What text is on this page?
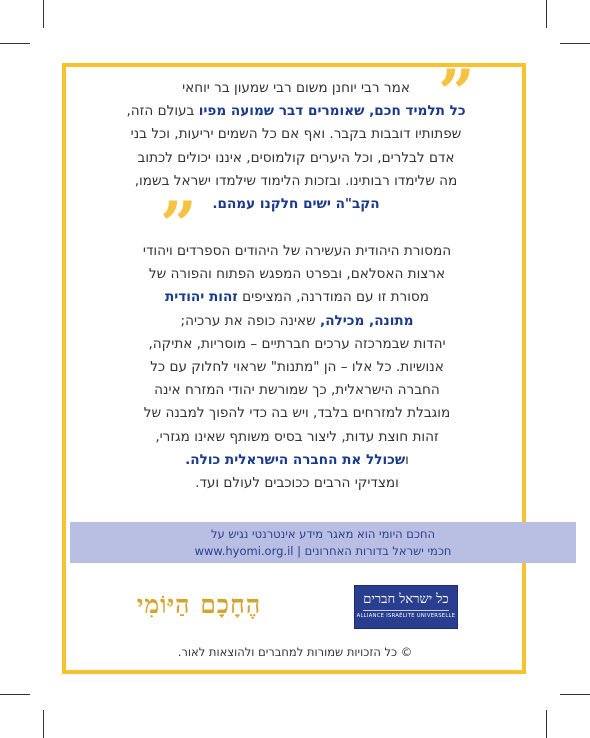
”
”
אמר רבי יוחנן משום רבי שמעון בר יוחאי
כל תלמיד חכם, שאומרים דבר שמועה מפיו בעולם הזה,
שפתותיו דובבות בקבר. ואף אם כל השמים יריעות, וכל בני
אדם לבלרים, וכל היערים קולמוסים, איננו יכולים לכתוב
מה שלימדו רבותינו. ובזכות הלימוד שילמדו ישראל בשמו,
הקב"ה ישים חלקנו עמהם.
המסורת היהודית העשירה של היהודים הספרדים ויהודי
ארצות האסלאם, ובפרט המפגש הפתוח והפורה של
מסורת זו עם המודרנה, המציפים זהות יהודית
מתונה, מכילה, שאינה כופה את ערכיה;
יהדות שבמרכזה ערכים חברתיים – מוסריות, אתיקה,
אנושיות. כל אלו – הן "מתנות" שראוי לחלוק עם כל
החברה הישראלית, כך שמורשת יהודי המזרח אינה
מוגבלת למזרחים בלבד, ויש בה כדי להפוך למבנה של
זהות חוצת עדות, ליצור בסיס משותף שאינו מגזרי,
ושכולל את החברה הישראלית כולה.
ומצדיקי הרבים ככוכבים לעולם ועד.
החכם היומי הוא מאגר מידע אינטרנטי נגיש על
חכמי ישראל בדורות האחרונים | www.hyomi.org.il
הֶחָכָם הַיּוֹמִי	כל ישראל חברים
ALLIANCE ISRAÉLITE UNIVERSELLE
© כל הזכויות שמורות למחברים ולהוצאות לאור.
